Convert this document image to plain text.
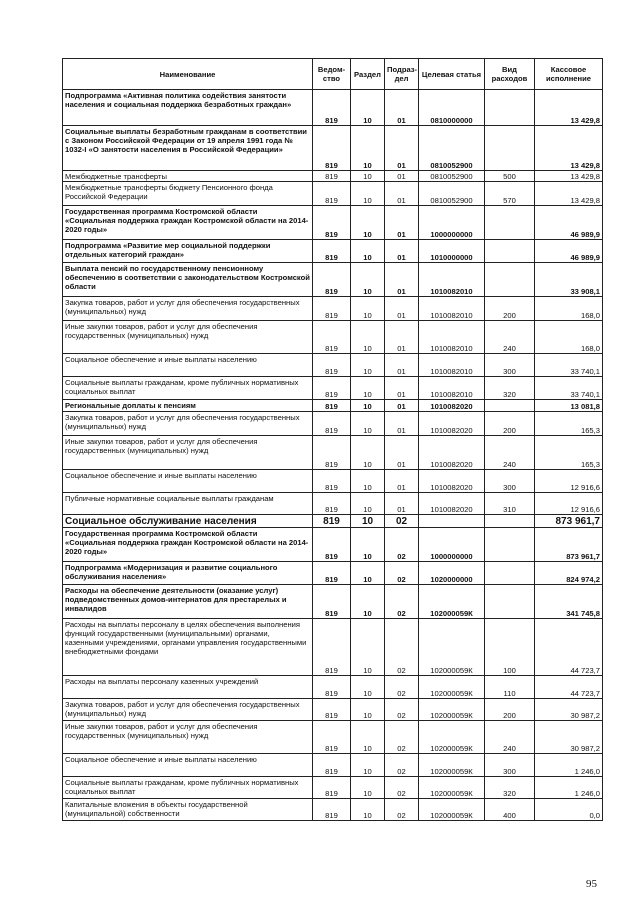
Наименование	Ведом-ство	Раздел	Подраз-дел	Целевая статья	Вид расходов	Кассовое исполнение
Подпрограмма «Активная политика содействия занятости населения и социальная поддержка безработных граждан»	819	10	01	0810000000		13 429,8
Социальные выплаты безработным гражданам в соответствии с Законом Российской Федерации от 19 апреля 1991 года № 1032-I «О занятости населения в Российской Федерации»	819	10	01	0810052900		13 429,8
Межбюджетные трансферты	819	10	01	0810052900	500	13 429,8
Межбюджетные трансферты бюджету Пенсионного фонда Российской Федерации	819	10	01	0810052900	570	13 429,8
Государственная программа Костромской области «Социальная поддержка граждан Костромской области на 2014-2020 годы»	819	10	01	1000000000		46 989,9
Подпрограмма «Развитие мер социальной поддержки отдельных категорий граждан»	819	10	01	1010000000		46 989,9
Выплата пенсий по государственному пенсионному обеспечению в соответствии с законодательством Костромской области	819	10	01	1010082010		33 908,1
Закупка товаров, работ и услуг для обеспечения государственных (муниципальных) нужд	819	10	01	1010082010	200	168,0
Иные закупки товаров, работ и услуг для обеспечения государственных (муниципальных) нужд	819	10	01	1010082010	240	168,0
Социальное обеспечение и иные выплаты населению	819	10	01	1010082010	300	33 740,1
Социальные выплаты гражданам, кроме публичных нормативных социальных выплат	819	10	01	1010082010	320	33 740,1
Региональные доплаты к пенсиям	819	10	01	1010082020		13 081,8
Закупка товаров, работ и услуг для обеспечения государственных (муниципальных) нужд	819	10	01	1010082020	200	165,3
Иные закупки товаров, работ и услуг для обеспечения государственных (муниципальных) нужд	819	10	01	1010082020	240	165,3
Социальное обеспечение и иные выплаты населению	819	10	01	1010082020	300	12 916,6
Публичные нормативные социальные выплаты гражданам	819	10	01	1010082020	310	12 916,6
Социальное обслуживание населения	819	10	02			873 961,7
Государственная программа Костромской области «Социальная поддержка граждан Костромской области на 2014-2020 годы»	819	10	02	1000000000		873 961,7
Подпрограмма «Модернизация и развитие социального обслуживания населения»	819	10	02	1020000000		824 974,2
Расходы на обеспечение деятельности (оказание услуг) подведомственных домов-интернатов для престарелых и инвалидов	819	10	02	102000059К		341 745,8
Расходы на выплаты персоналу в целях обеспечения выполнения функций государственными (муниципальными) органами, казенными учреждениями, органами управления государственными внебюджетными фондами	819	10	02	102000059К	100	44 723,7
Расходы на выплаты персоналу казенных учреждений	819	10	02	102000059К	110	44 723,7
Закупка товаров, работ и услуг для обеспечения государственных (муниципальных) нужд	819	10	02	102000059К	200	30 987,2
Иные закупки товаров, работ и услуг для обеспечения государственных (муниципальных) нужд	819	10	02	102000059К	240	30 987,2
Социальное обеспечение и иные выплаты населению	819	10	02	102000059К	300	1 246,0
Социальные выплаты гражданам, кроме публичных нормативных социальных выплат	819	10	02	102000059К	320	1 246,0
Капитальные вложения в объекты государственной (муниципальной) собственности	819	10	02	102000059К	400	0,0
95
